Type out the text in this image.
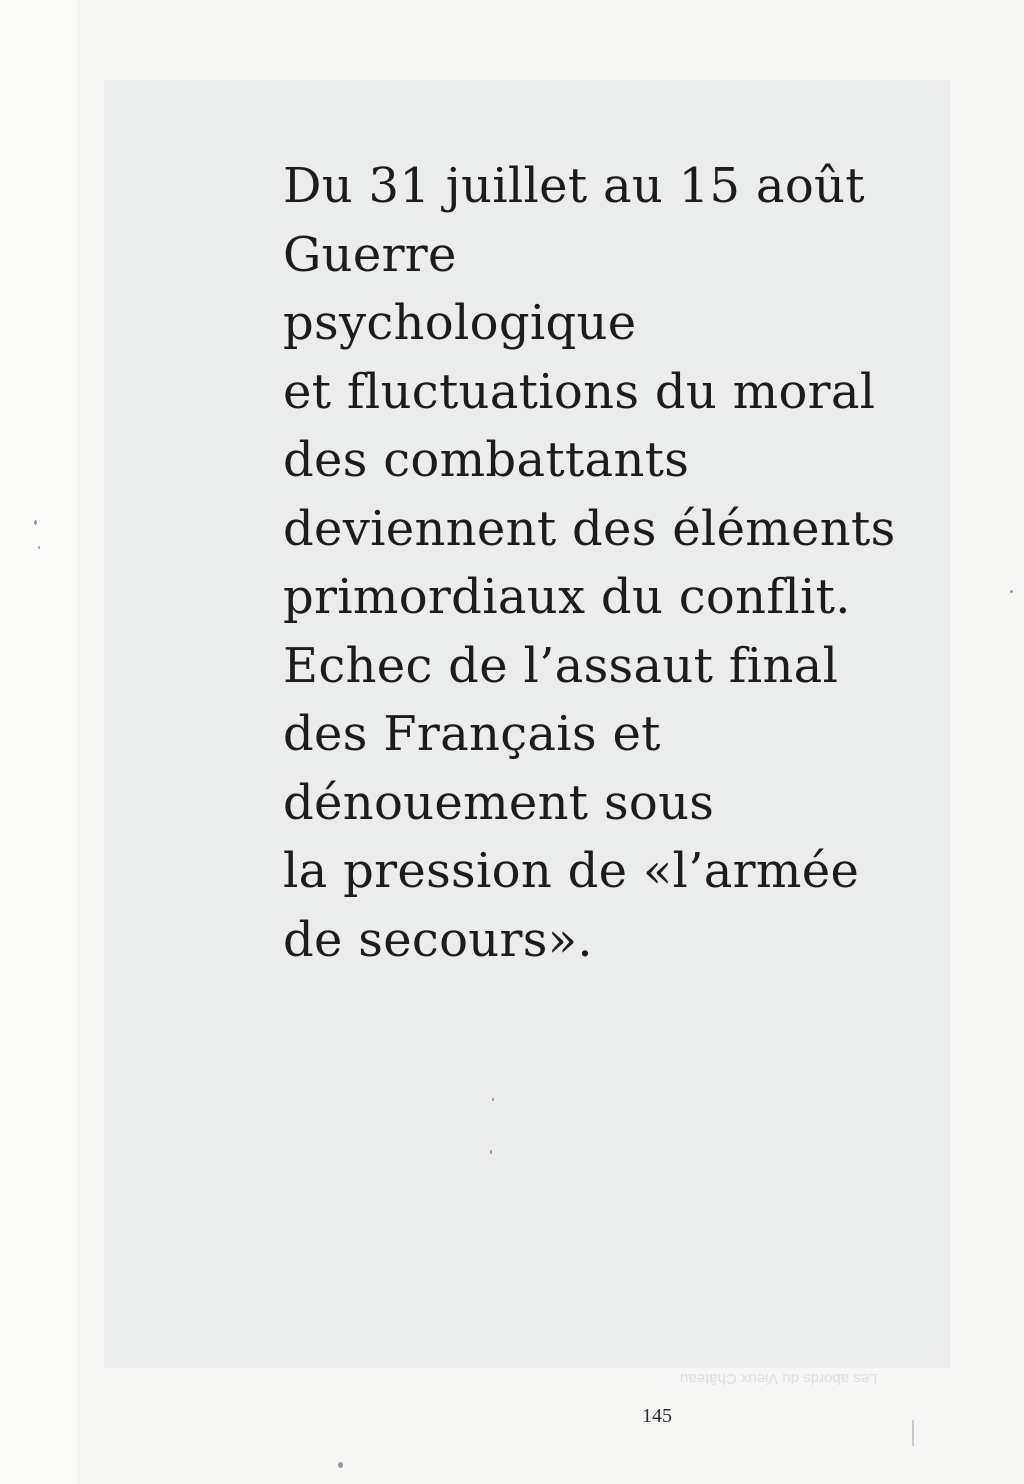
Les abords du Vieux Château
Du 31 juillet au 15 août
Guerre
psychologique
et fluctuations du moral
des combattants
deviennent des éléments
primordiaux du conflit.
Echec de l’assaut final
des Français et
dénouement sous
la pression de «l’armée
de secours».
145
